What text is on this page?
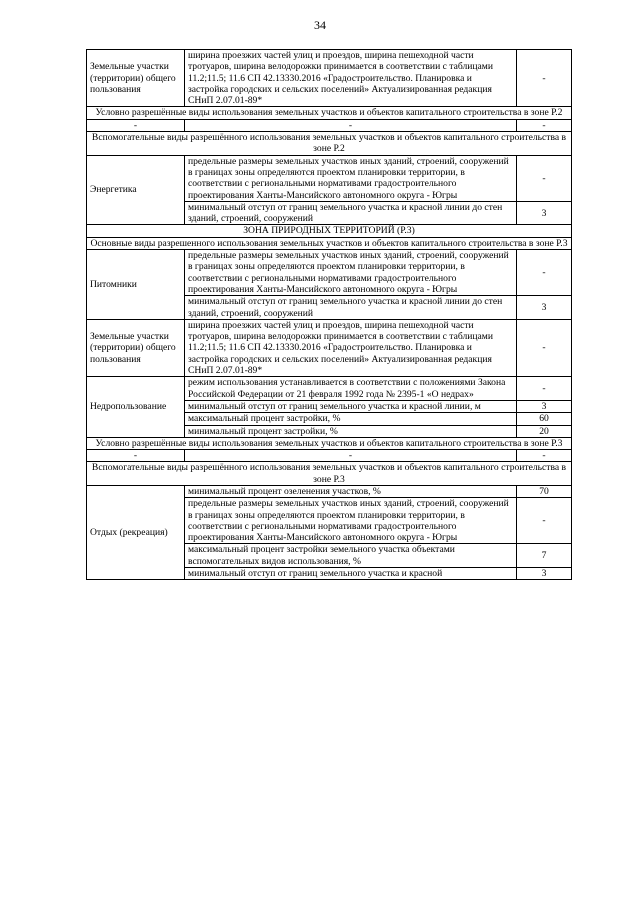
34
Земельные участки (территории) общего пользования	ширина проезжих частей улиц и проездов, ширина пешеходной части тротуаров, ширина велодорожки принимается в соответствии с таблицами 11.2;11.5; 11.6 СП 42.13330.2016 «Градостроительство. Планировка и застройка городских и сельских поселений» Актуализированная редакция СНиП 2.07.01-89*	-
Условно разрешённые виды использования земельных участков и объектов капитального строительства в зоне Р.2		
-	-	-
Вспомогательные виды разрешённого использования земельных участков и объектов капитального строительства в зоне Р.2		
Энергетика	предельные размеры земельных участков иных зданий, строений, сооружений в границах зоны определяются проектом планировки территории, в соответствии с региональными нормативами градостроительного проектирования Ханты-Мансийского автономного округа - Югры	-
	минимальный отступ от границ земельного участка и красной линии до стен зданий, строений, сооружений	3
ЗОНА ПРИРОДНЫХ ТЕРРИТОРИЙ (Р.3)		
Основные виды разрешенного использования земельных участков и объектов капитального строительства в зоне Р.3		
Питомники	предельные размеры земельных участков иных зданий, строений, сооружений в границах зоны определяются проектом планировки территории, в соответствии с региональными нормативами градостроительного проектирования Ханты-Мансийского автономного округа - Югры	-
	минимальный отступ от границ земельного участка и красной линии до стен зданий, строений, сооружений	3
Земельные участки (территории) общего пользования	ширина проезжих частей улиц и проездов, ширина пешеходной части тротуаров, ширина велодорожки принимается в соответствии с таблицами 11.2;11.5; 11.6 СП 42.13330.2016 «Градостроительство. Планировка и застройка городских и сельских поселений» Актуализированная редакция СНиП 2.07.01-89*	-
Недропользование	режим использования устанавливается в соответствии с положениями Закона Российской Федерации от 21 февраля 1992 года № 2395-1 «О недрах»	-
	минимальный отступ от границ земельного участка и красной линии, м	3
	максимальный процент застройки, %	60
	минимальный процент застройки, %	20
Условно разрешённые виды использования земельных участков и объектов капитального строительства в зоне Р.3		
-	-	-
Вспомогательные виды разрешённого использования земельных участков и объектов капитального строительства в зоне Р.3		
Отдых (рекреация)	минимальный процент озеленения участков, %	70
	предельные размеры земельных участков иных зданий, строений, сооружений в границах зоны определяются проектом планировки территории, в соответствии с региональными нормативами градостроительного проектирования Ханты-Мансийского автономного округа - Югры	-
	максимальный процент застройки земельного участка объектами вспомогательных видов использования, %	7
	минимальный отступ от границ земельного участка и красной	3
